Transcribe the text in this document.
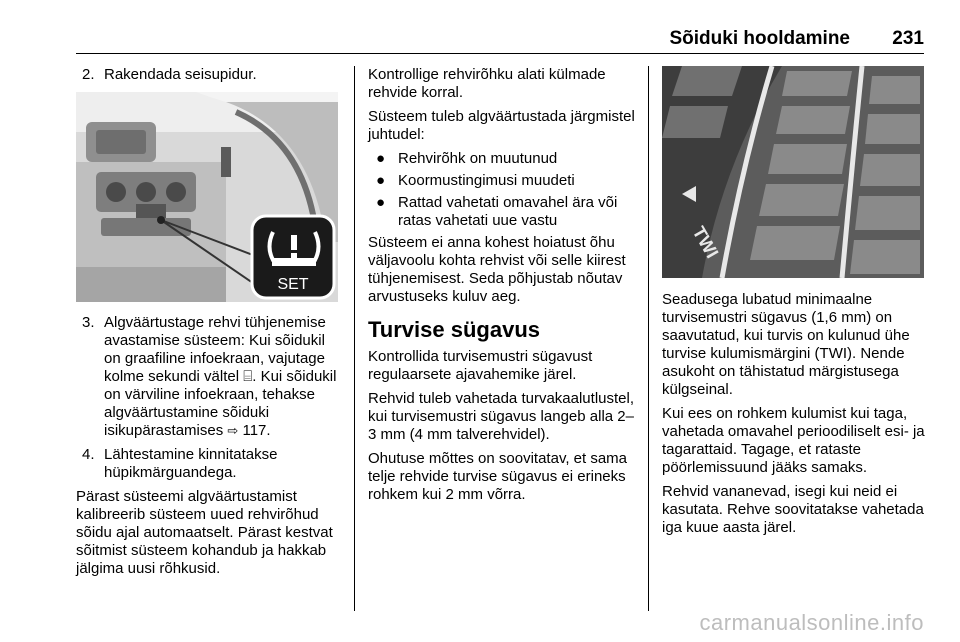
Sõiduki hooldamine 231
2. Rakendada seisupidur.
SET
3. Algväärtustage rehvi tühjenemise avastamise süsteem: Kui sõidukil on graafiline infoekraan, vajutage kolme sekundi vältel ⌸. Kui sõidukil on värviline infoekraan, tehakse algväärtustamine sõiduki isikupärastamises ⇨ 117.
4. Lähtestamine kinnitatakse hüpikmärguandega.

Pärast süsteemi algväärtustamist kalibreerib süsteem uued rehvirõhud sõidu ajal automaatselt. Pärast kestvat sõitmist süsteem kohandub ja hakkab jälgima uusi rõhkusid.

Kontrollige rehvirõhku alati külmade rehvide korral.

Süsteem tuleb algväärtustada järgmistel juhtudel:

● Rehvirõhk on muutunud
● Koormustingimusi muudeti
● Rattad vahetati omavahel ära või ratas vahetati uue vastu

Süsteem ei anna kohest hoiatust õhu väljavoolu kohta rehvist või selle kiirest tühjenemisest. Seda põhjustab nõutav arvustuseks kuluv aeg.

Turvise sügavus

Kontrollida turvisemustri sügavust regulaarsete ajavahemike järel.

Rehvid tuleb vahetada turvakaalutlustel, kui turvisemustri sügavus langeb alla 2–3 mm (4 mm talverehvidel).

Ohutuse mõttes on soovitatav, et sama telje rehvide turvise sügavus ei erineks rohkem kui 2 mm võrra.

TWI

Seadusega lubatud minimaalne turvisemustri sügavus (1,6 mm) on saavutatud, kui turvis on kulunud ühe turvise kulumismärgini (TWI). Nende asukoht on tähistatud märgistusega külgseinal.

Kui ees on rohkem kulumist kui taga, vahetada omavahel perioodiliselt esi- ja tagarattaid. Tagage, et rataste pöörlemissuund jääks samaks.

Rehvid vananevad, isegi kui neid ei kasutata. Rehve soovitatakse vahetada iga kuue aasta järel.

carmanualsonline.info
